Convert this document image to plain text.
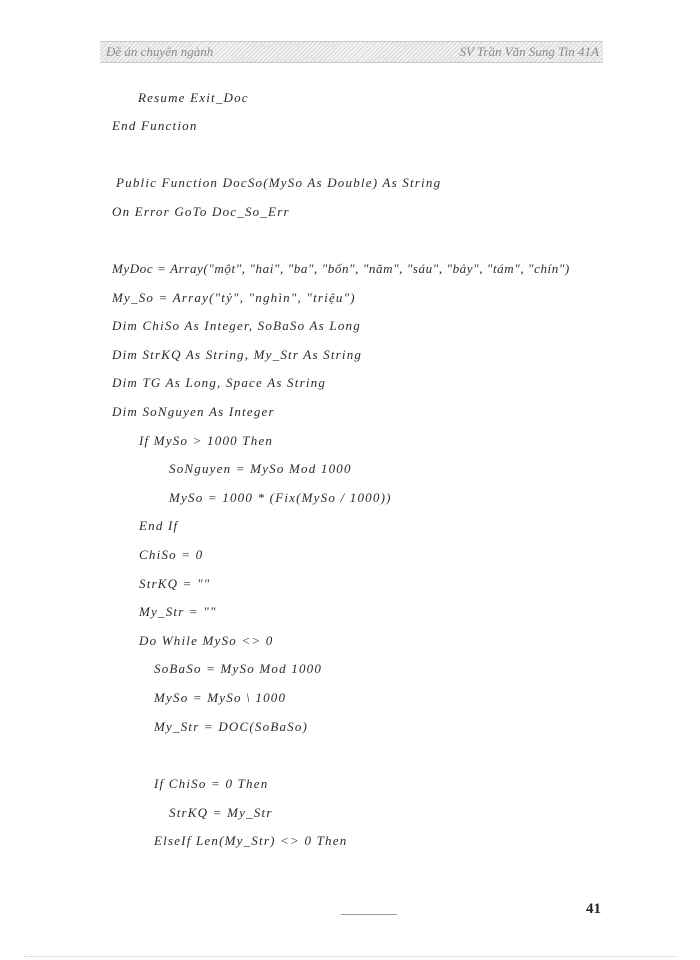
Đề án chuyên ngành	SV Trần Văn Sung Tin 41A
Resume Exit_Doc
End Function
Public Function DocSo(MySo As Double) As String
On Error GoTo Doc_So_Err
MyDoc = Array("một", "hai", "ba", "bốn", "năm", "sáu", "bảy", "tám", "chín")
My_So = Array("tỷ", "nghìn", "triệu")
Dim ChiSo As Integer, SoBaSo As Long
Dim StrKQ As String, My_Str As String
Dim TG As Long, Space As String
Dim SoNguyen As Integer
If MySo > 1000 Then
SoNguyen = MySo Mod 1000
MySo = 1000 * (Fix(MySo / 1000))
End If
ChiSo = 0
StrKQ = ""
My_Str = ""
Do While MySo <> 0
SoBaSo = MySo Mod 1000
MySo = MySo \ 1000
My_Str = DOC(SoBaSo)
If ChiSo = 0 Then
StrKQ = My_Str
ElseIf Len(My_Str) <> 0 Then
41
